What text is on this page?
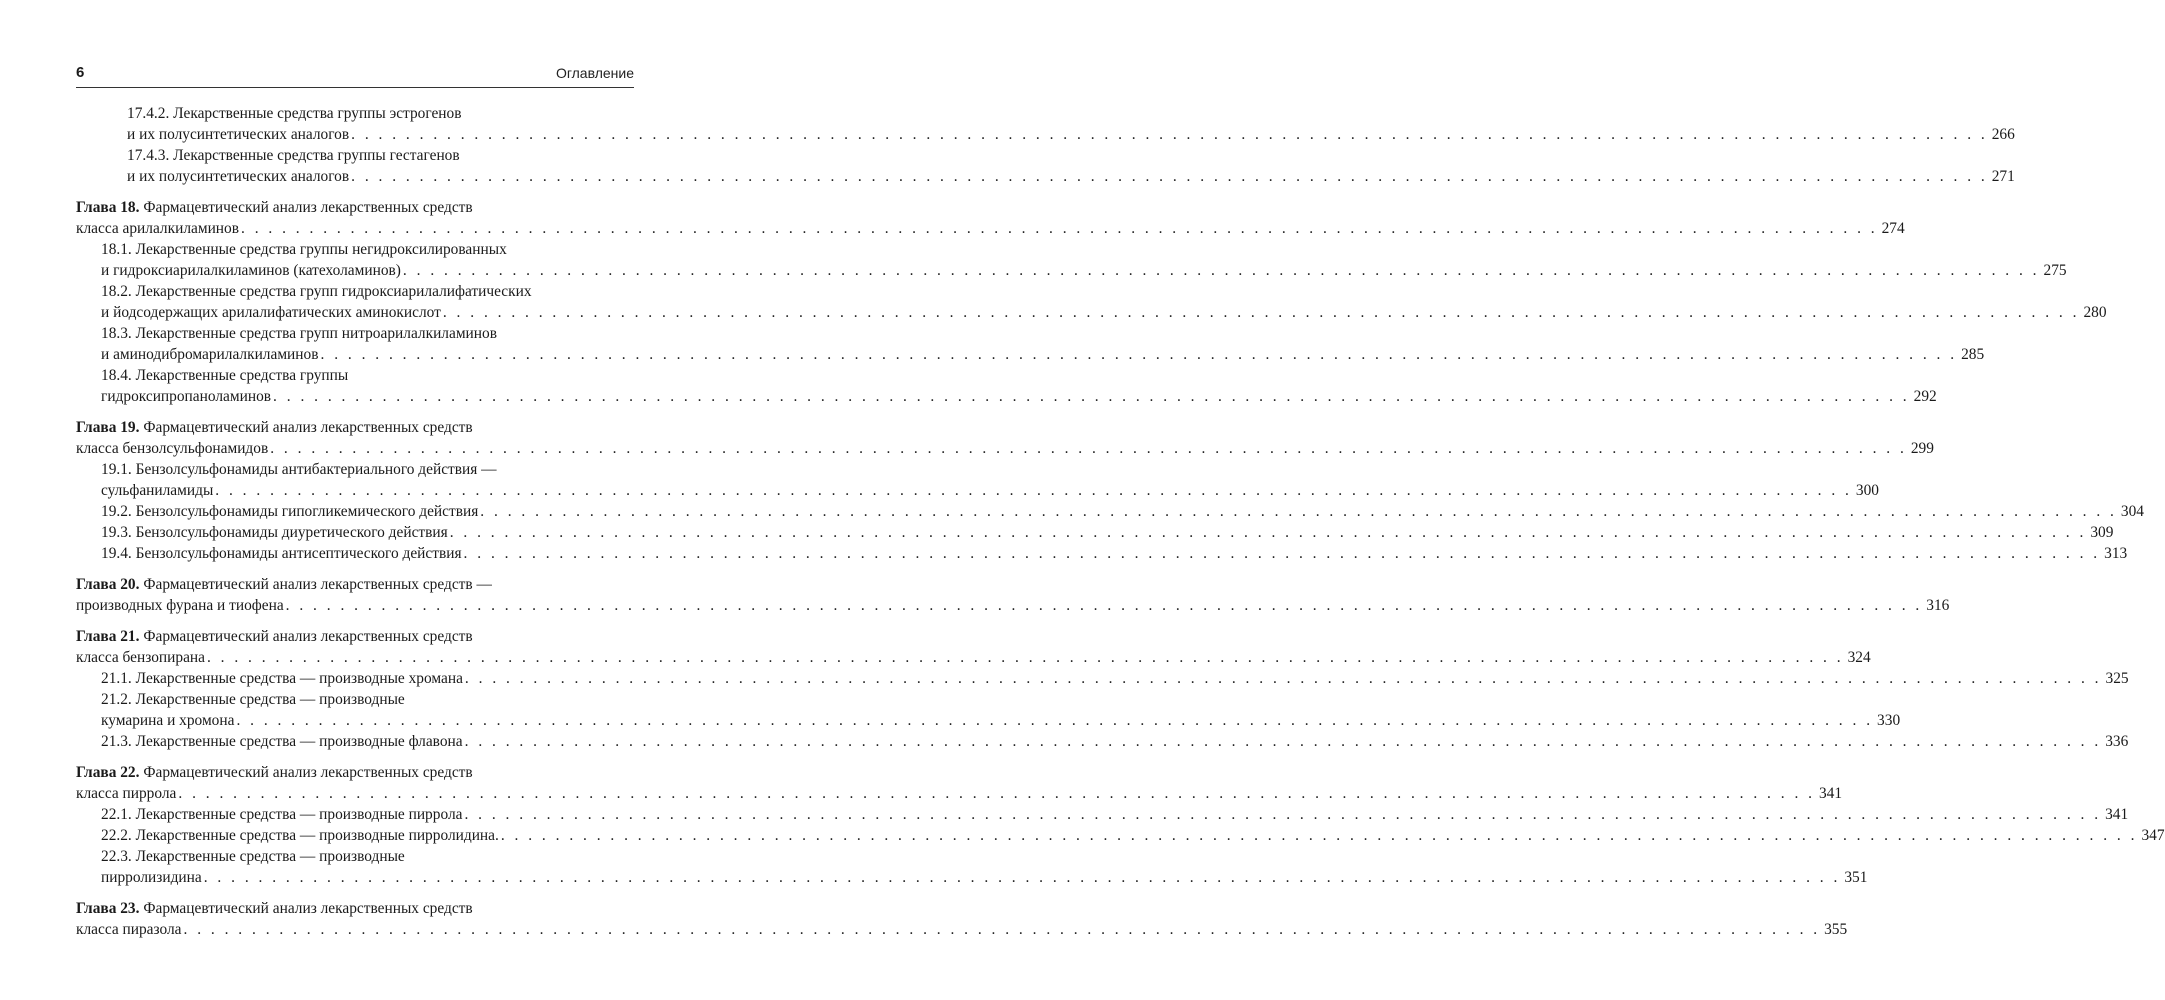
6	Оглавление
17.4.2. Лекарственные средства группы эстрогенов
и их полусинтетических аналогов . . . . . . . . . . . . . . . . . . . . . . . . . . . . . . . . . . . . . . . . . . . . . . . . . . . . . . . . . . . . . . . . . . . . . . . . . . . . . . . . . . . . . . . . . . . . . . . . . . . . . . . . . . . . . . . . . . . . . . . . 266
17.4.3. Лекарственные средства группы гестагенов
и их полусинтетических аналогов . . . . . . . . . . . . . . . . . . . . . . . . . . . . . . . . . . . . . . . . . . . . . . . . . . . . . . . . . . . . . . . . . . . . . . . . . . . . . . . . . . . . . . . . . . . . . . . . . . . . . . . . . . . . . . . . . . . . . . . . 271
Глава 18. Фармацевтический анализ лекарственных средств
класса арилалкиламинов . . . . . . . . . . . . . . . . . . . . . . . . . . . . . . . . . . . . . . . . . . . . . . . . . . . . . . . . . . . . . . . . . . . . . . . . . . . . . . . . . . . . . . . . . . . . . . . . . . . . . . . . . . . . . . . . . . . . . . . . 274
18.1. Лекарственные средства группы негидроксилированных
и гидроксиарилалкиламинов (катехоламинов) . . . . . . . . . . . . . . . . . . . . . . . . . . . . . . . . . . . . . . . . . . . . . . . . . . . . . . . . . . . . . . . . . . . . . . . . . . . . . . . . . . . . . . . . . . . . . . . . . . . . . . . . . . . . . . . . . . . . . . . . 275
18.2. Лекарственные средства групп гидроксиарилалифатических
и йодсодержащих арилалифатических аминокислот . . . . . . . . . . . . . . . . . . . . . . . . . . . . . . . . . . . . . . . . . . . . . . . . . . . . . . . . . . . . . . . . . . . . . . . . . . . . . . . . . . . . . . . . . . . . . . . . . . . . . . . . . . . . . . . . . . . . . . . . 280
18.3. Лекарственные средства групп нитроарилалкиламинов
и аминодибромарилалкиламинов . . . . . . . . . . . . . . . . . . . . . . . . . . . . . . . . . . . . . . . . . . . . . . . . . . . . . . . . . . . . . . . . . . . . . . . . . . . . . . . . . . . . . . . . . . . . . . . . . . . . . . . . . . . . . . . . . . . . . . . . 285
18.4. Лекарственные средства группы
гидроксипропаноламинов . . . . . . . . . . . . . . . . . . . . . . . . . . . . . . . . . . . . . . . . . . . . . . . . . . . . . . . . . . . . . . . . . . . . . . . . . . . . . . . . . . . . . . . . . . . . . . . . . . . . . . . . . . . . . . . . . . . . . . . . 292
Глава 19. Фармацевтический анализ лекарственных средств
класса бензолсульфонамидов . . . . . . . . . . . . . . . . . . . . . . . . . . . . . . . . . . . . . . . . . . . . . . . . . . . . . . . . . . . . . . . . . . . . . . . . . . . . . . . . . . . . . . . . . . . . . . . . . . . . . . . . . . . . . . . . . . . . . . . . 299
19.1. Бензолсульфонамиды антибактериального действия —
сульфаниламиды . . . . . . . . . . . . . . . . . . . . . . . . . . . . . . . . . . . . . . . . . . . . . . . . . . . . . . . . . . . . . . . . . . . . . . . . . . . . . . . . . . . . . . . . . . . . . . . . . . . . . . . . . . . . . . . . . . . . . . . . 300
19.2. Бензолсульфонамиды гипогликемического действия . . . . . . . . . . . . . . . . . . . . . . . . . . . . . . . . . . . . . . . . . . . . . . . . . . . . . . . . . . . . . . . . . . . . . . . . . . . . . . . . . . . . . . . . . . . . . . . . . . . . . . . . . . . . . . . . . . . . . . . . 304
19.3. Бензолсульфонамиды диуретического действия . . . . . . . . . . . . . . . . . . . . . . . . . . . . . . . . . . . . . . . . . . . . . . . . . . . . . . . . . . . . . . . . . . . . . . . . . . . . . . . . . . . . . . . . . . . . . . . . . . . . . . . . . . . . . . . . . . . . . . . . 309
19.4. Бензолсульфонамиды антисептического действия . . . . . . . . . . . . . . . . . . . . . . . . . . . . . . . . . . . . . . . . . . . . . . . . . . . . . . . . . . . . . . . . . . . . . . . . . . . . . . . . . . . . . . . . . . . . . . . . . . . . . . . . . . . . . . . . . . . . . . . . 313
Глава 20. Фармацевтический анализ лекарственных средств —
производных фурана и тиофена . . . . . . . . . . . . . . . . . . . . . . . . . . . . . . . . . . . . . . . . . . . . . . . . . . . . . . . . . . . . . . . . . . . . . . . . . . . . . . . . . . . . . . . . . . . . . . . . . . . . . . . . . . . . . . . . . . . . . . . . 316
Глава 21. Фармацевтический анализ лекарственных средств
класса бензопирана . . . . . . . . . . . . . . . . . . . . . . . . . . . . . . . . . . . . . . . . . . . . . . . . . . . . . . . . . . . . . . . . . . . . . . . . . . . . . . . . . . . . . . . . . . . . . . . . . . . . . . . . . . . . . . . . . . . . . . . . 324
21.1. Лекарственные средства — производные хромана . . . . . . . . . . . . . . . . . . . . . . . . . . . . . . . . . . . . . . . . . . . . . . . . . . . . . . . . . . . . . . . . . . . . . . . . . . . . . . . . . . . . . . . . . . . . . . . . . . . . . . . . . . . . . . . . . . . . . . . . 325
21.2. Лекарственные средства — производные
кумарина и хромона . . . . . . . . . . . . . . . . . . . . . . . . . . . . . . . . . . . . . . . . . . . . . . . . . . . . . . . . . . . . . . . . . . . . . . . . . . . . . . . . . . . . . . . . . . . . . . . . . . . . . . . . . . . . . . . . . . . . . . . . 330
21.3. Лекарственные средства — производные флавона . . . . . . . . . . . . . . . . . . . . . . . . . . . . . . . . . . . . . . . . . . . . . . . . . . . . . . . . . . . . . . . . . . . . . . . . . . . . . . . . . . . . . . . . . . . . . . . . . . . . . . . . . . . . . . . . . . . . . . . . 336
Глава 22. Фармацевтический анализ лекарственных средств
класса пиррола . . . . . . . . . . . . . . . . . . . . . . . . . . . . . . . . . . . . . . . . . . . . . . . . . . . . . . . . . . . . . . . . . . . . . . . . . . . . . . . . . . . . . . . . . . . . . . . . . . . . . . . . . . . . . . . . . . . . . . . . 341
22.1. Лекарственные средства — производные пиррола . . . . . . . . . . . . . . . . . . . . . . . . . . . . . . . . . . . . . . . . . . . . . . . . . . . . . . . . . . . . . . . . . . . . . . . . . . . . . . . . . . . . . . . . . . . . . . . . . . . . . . . . . . . . . . . . . . . . . . . . 341
22.2. Лекарственные средства — производные пирролидина. . . . . . . . . . . . . . . . . . . . . . . . . . . . . . . . . . . . . . . . . . . . . . . . . . . . . . . . . . . . . . . . . . . . . . . . . . . . . . . . . . . . . . . . . . . . . . . . . . . . . . . . . . . . . . . . . . . . . . . . . 347
22.3. Лекарственные средства — производные
пирролизидина . . . . . . . . . . . . . . . . . . . . . . . . . . . . . . . . . . . . . . . . . . . . . . . . . . . . . . . . . . . . . . . . . . . . . . . . . . . . . . . . . . . . . . . . . . . . . . . . . . . . . . . . . . . . . . . . . . . . . . . . 351
Глава 23. Фармацевтический анализ лекарственных средств
класса пиразола . . . . . . . . . . . . . . . . . . . . . . . . . . . . . . . . . . . . . . . . . . . . . . . . . . . . . . . . . . . . . . . . . . . . . . . . . . . . . . . . . . . . . . . . . . . . . . . . . . . . . . . . . . . . . . . . . . . . . . . . 355
